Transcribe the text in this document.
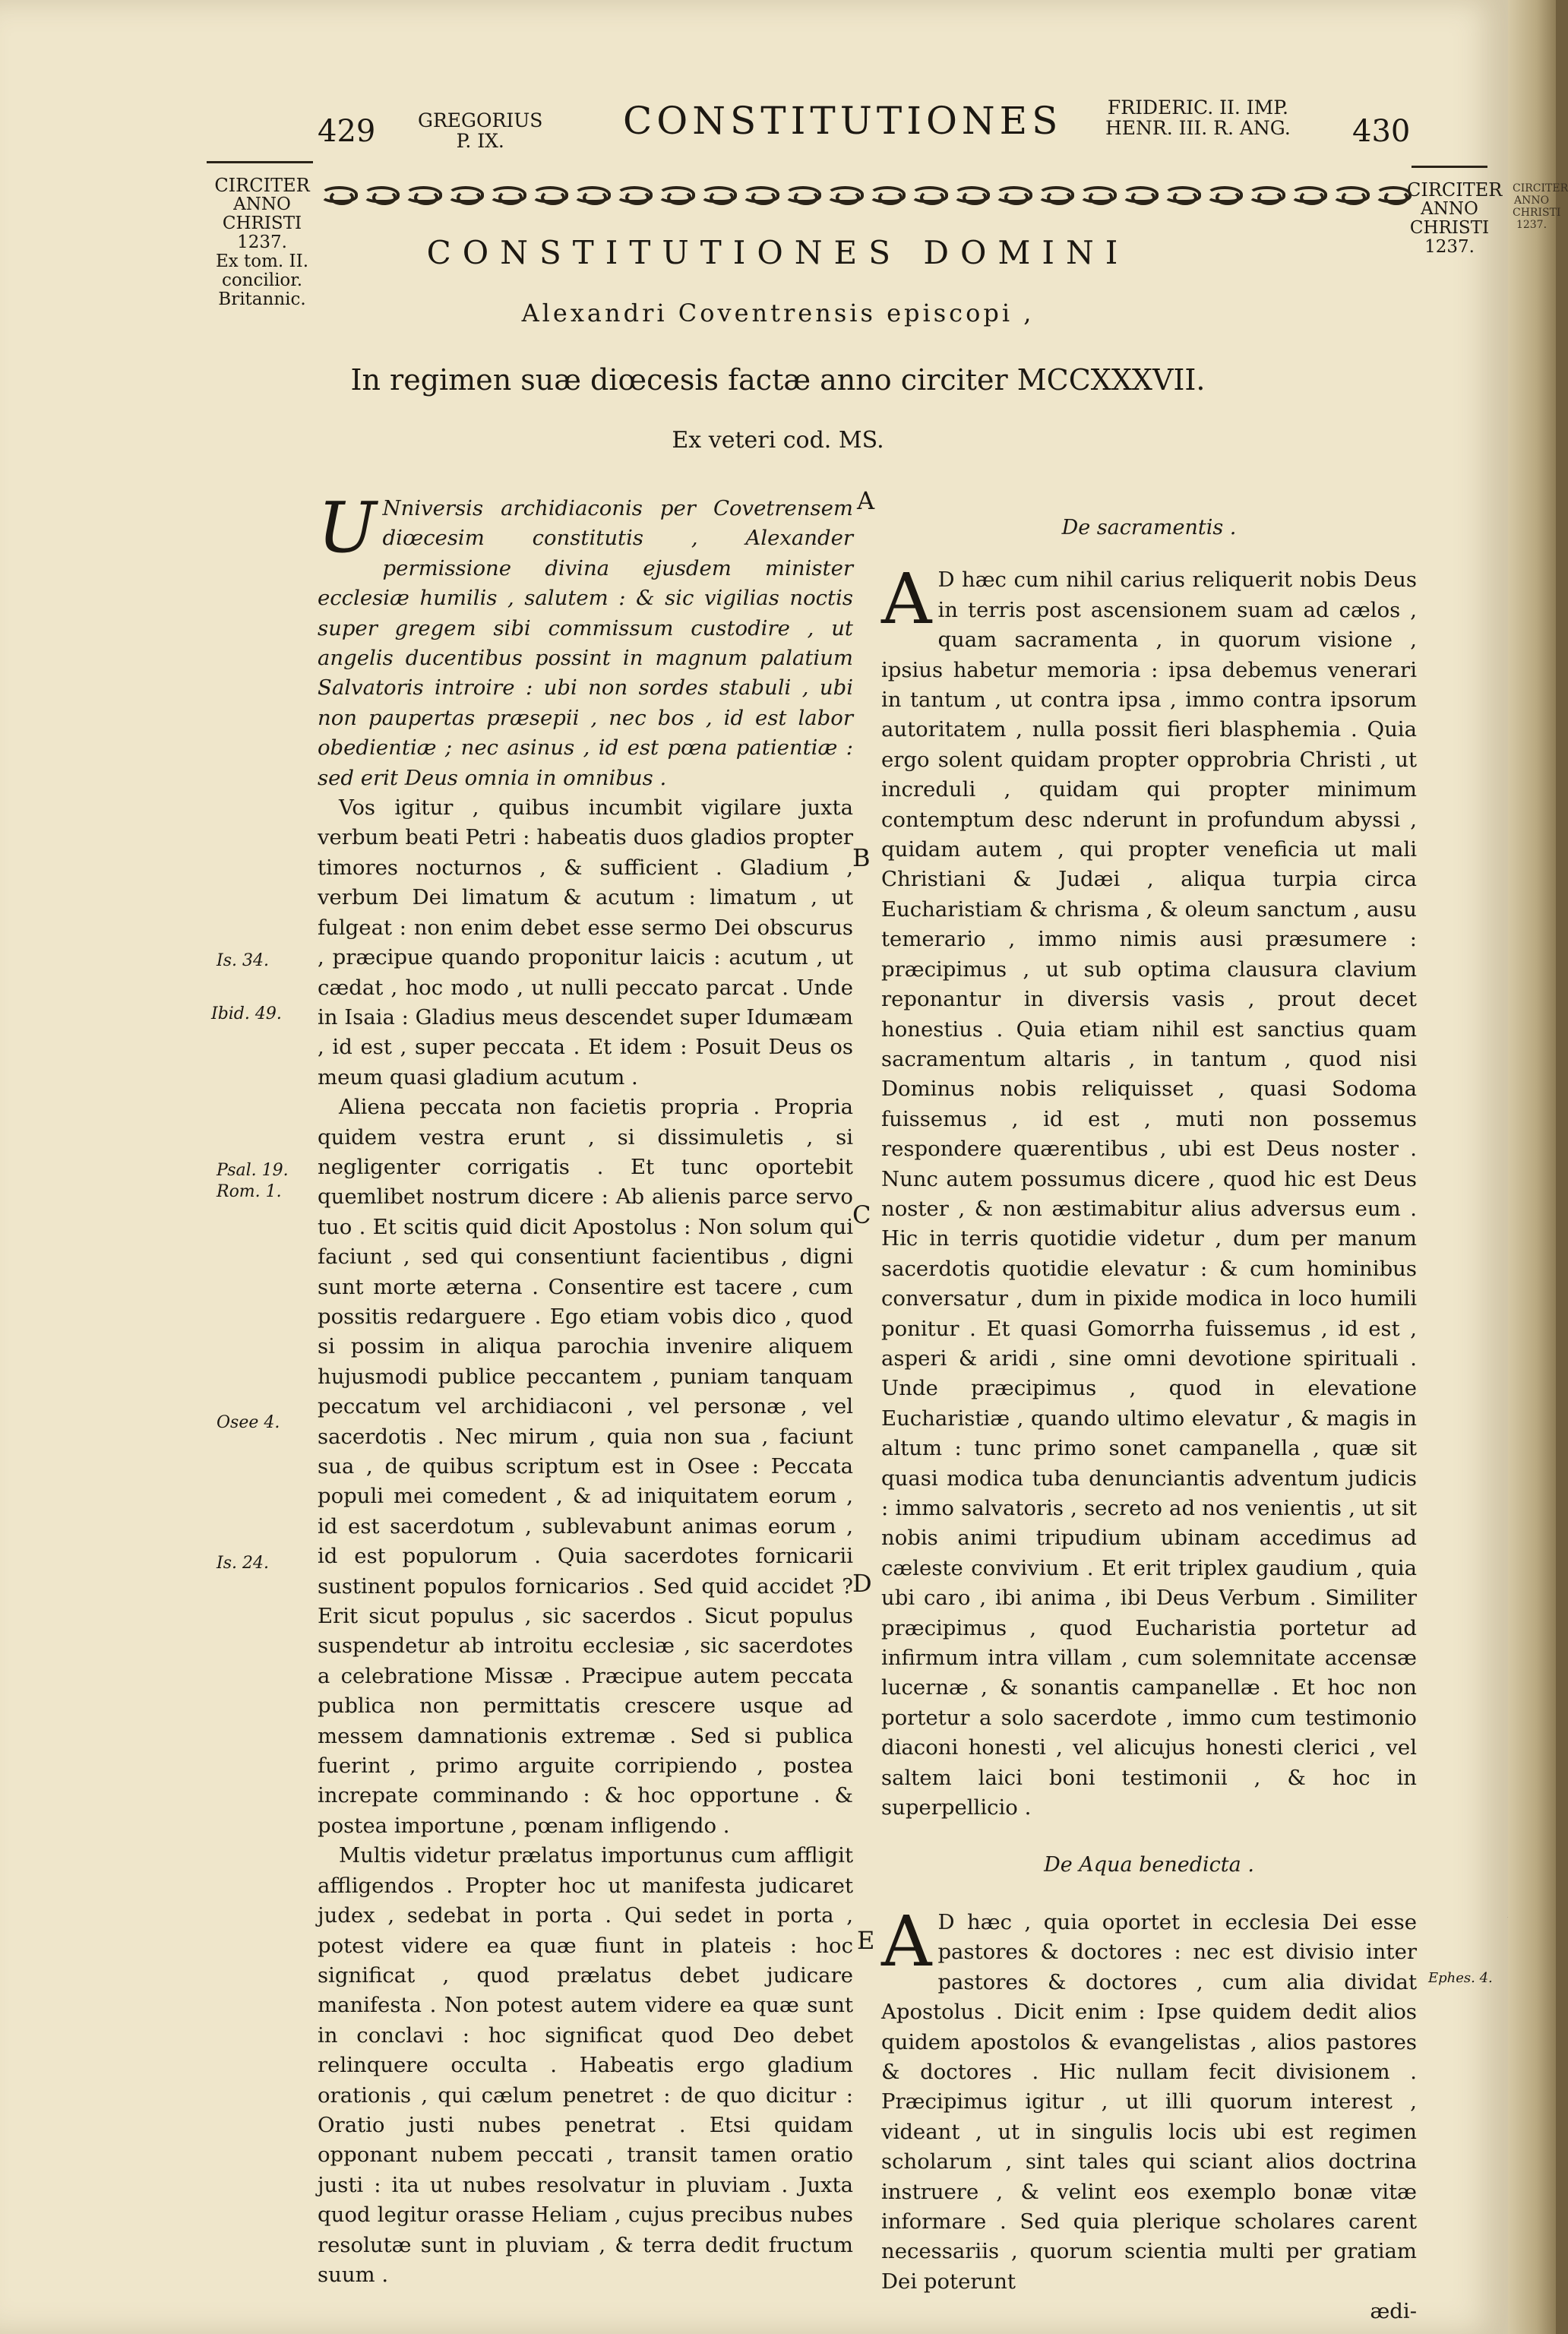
429 GREGORIUS
P. IX.	CONSTITUTIONES FRIDERIC. II. IMP.
HENR. III. R. ANG. 430
CIRCITER
ANNO
CHRISTI
1237.
Ex tom. II.
concilior.
Britannic.
CIRCITER
ANNO
CHRISTI
1237.
CONSTITUTIONES DOMINI
Alexandri Coventrensis episcopi ,
In regimen suæ diœcesis factæ anno circiter MCCXXXVII.
Ex veteri cod. MS.
Is. 34.
Ibid. 49.
Psal. 19.
Rom. 1.
Osee 4.
Is. 24.
Ephes. 4.
A
B
C
D
E

U Nniversis archidiaconis per Covetrensem diœcesim constitutis , Alexander permissione divina ejusdem minister ecclesiæ humilis , salutem : & sic vigilias noctis super gregem sibi commissum custodire , ut angelis ducentibus possint in magnum palatium Salvatoris introire : ubi non sordes stabuli , ubi non paupertas præsepii , nec bos , id est labor obedientiæ ; nec asinus , id est pœna patientiæ : sed erit Deus omnia in omnibus .

Vos igitur , quibus incumbit vigilare juxta verbum beati Petri : habeatis duos gladios propter timores nocturnos , & sufficient . Gladium , verbum Dei limatum & acutum : limatum , ut fulgeat : non enim debet esse sermo Dei obscurus , præcipue quando proponitur laicis : acutum , ut cædat , hoc modo , ut nulli peccato parcat . Unde in Isaia : Gladius meus descendet super Idumæam , id est , super peccata . Et idem : Posuit Deus os meum quasi gladium acutum .

Aliena peccata non facietis propria . Propria quidem vestra erunt , si dissimuletis , si negligenter corrigatis . Et tunc oportebit quemlibet nostrum dicere : Ab alienis parce servo tuo . Et scitis quid dicit Apostolus : Non solum qui faciunt , sed qui consentiunt facientibus , digni sunt morte æterna . Consentire est tacere , cum possitis redarguere . Ego etiam vobis dico , quod si possim in aliqua parochia invenire aliquem hujusmodi publice peccantem , puniam tanquam peccatum vel archidiaconi , vel personæ , vel sacerdotis . Nec mirum , quia non sua , faciunt sua , de quibus scriptum est in Osee : Peccata populi mei comedent , & ad iniquitatem eorum , id est sacerdotum , sublevabunt animas eorum , id est populorum . Quia sacerdotes fornicarii sustinent populos fornicarios . Sed quid accidet ? Erit sicut populus , sic sacerdos . Sicut populus suspendetur ab introitu ecclesiæ , sic sacerdotes a celebratione Missæ . Præcipue autem peccata publica non permittatis crescere usque ad messem damnationis extremæ . Sed si publica fuerint , primo arguite corripiendo , postea increpate comminando : & hoc opportune . & postea importune , pœnam infligendo .

Multis videtur prælatus importunus cum affligit affligendos . Propter hoc ut manifesta judicaret judex , sedebat in porta . Qui sedet in porta , potest videre ea quæ fiunt in plateis : hoc significat , quod prælatus debet judicare manifesta . Non potest autem videre ea quæ sunt in conclavi : hoc significat quod Deo debet relinquere occulta . Habeatis ergo gladium orationis , qui cælum penetret : de quo dicitur : Oratio justi nubes penetrat . Etsi quidam opponant nubem peccati , transit tamen oratio justi : ita ut nubes resolvatur in pluviam . Juxta quod legitur orasse Heliam , cujus precibus nubes resolutæ sunt in pluviam , & terra dedit fructum suum .

De sacramentis .

A D hæc cum nihil carius reliquerit nobis Deus in terris post ascensionem suam ad cælos , quam sacramenta , in quorum visione , ipsius habetur memoria : ipsa debemus venerari in tantum , ut contra ipsa , immo contra ipsorum autoritatem , nulla possit fieri blasphemia . Quia ergo solent quidam propter opprobria Christi , ut increduli , quidam qui propter minimum contemptum desc nderunt in profundum abyssi , quidam autem , qui propter veneficia ut mali Christiani & Judæi , aliqua turpia circa Eucharistiam & chrisma , & oleum sanctum , ausu temerario , immo nimis ausi præsumere : præcipimus , ut sub optima clausura clavium reponantur in diversis vasis , prout decet honestius . Quia etiam nihil est sanctius quam sacramentum altaris , in tantum , quod nisi Dominus nobis reliquisset , quasi Sodoma fuissemus , id est , muti non possemus respondere quærentibus , ubi est Deus noster . Nunc autem possumus dicere , quod hic est Deus noster , & non æstimabitur alius adversus eum . Hic in terris quotidie videtur , dum per manum sacerdotis quotidie elevatur : & cum hominibus conversatur , dum in pixide modica in loco humili ponitur . Et quasi Gomorrha fuissemus , id est , asperi & aridi , sine omni devotione spirituali . Unde præcipimus , quod in elevatione Eucharistiæ , quando ultimo elevatur , & magis in altum : tunc primo sonet campanella , quæ sit quasi modica tuba denunciantis adventum judicis : immo salvatoris , secreto ad nos venientis , ut sit nobis animi tripudium ubinam accedimus ad cæleste convivium . Et erit triplex gaudium , quia ubi caro , ibi anima , ibi Deus Verbum . Similiter præcipimus , quod Eucharistia portetur ad infirmum intra villam , cum solemnitate accensæ lucernæ , & sonantis campanellæ . Et hoc non portetur a solo sacerdote , immo cum testimonio diaconi honesti , vel alicujus honesti clerici , vel saltem laici boni testimonii , & hoc in superpellicio .

De Aqua benedicta .

A D hæc , quia oportet in ecclesia Dei esse pastores & doctores : nec est divisio inter pastores & doctores , cum alia dividat Apostolus . Dicit enim : Ipse quidem dedit alios quidem apostolos & evangelistas , alios pastores & doctores . Hic nullam fecit divisionem . Præcipimus igitur , ut illi quorum interest , videant , ut in singulis locis ubi est regimen scholarum , sint tales qui sciant alios doctrina instruere , & velint eos exemplo bonæ vitæ informare . Sed quia plerique scholares carent necessariis , quorum scientia multi per gratiam Dei poterunt

ædi-

CIRCITER
ANNO
CHRISTI
1237.
